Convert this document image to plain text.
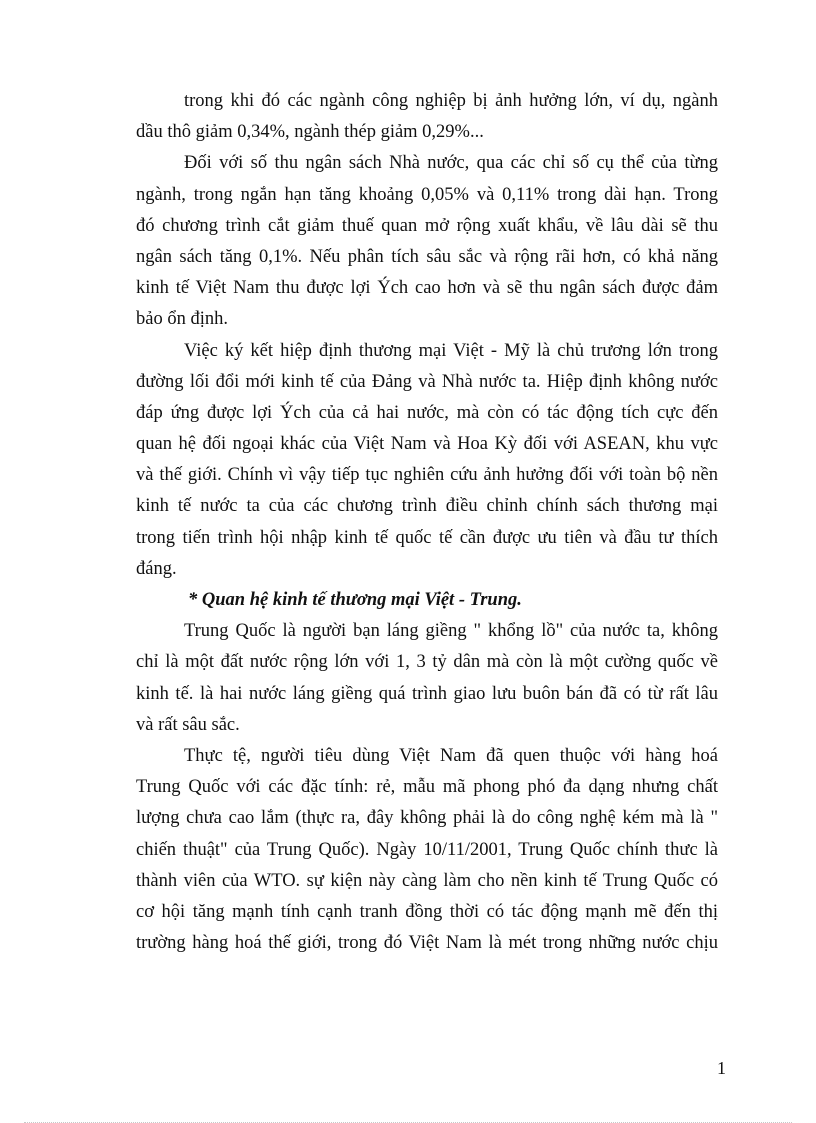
trong khi đó các ngành công nghiệp bị ảnh hưởng lớn, ví dụ, ngành
dầu thô giảm 0,34%, ngành thép giảm 0,29%...
Đối với số thu ngân sách Nhà nước, qua các chỉ số cụ thể của từng
ngành, trong ngắn hạn tăng khoảng 0,05% và 0,11% trong dài hạn. Trong
đó chương trình cắt giảm thuế quan mở rộng xuất khẩu, về lâu dài sẽ thu
ngân sách tăng 0,1%. Nếu phân tích sâu sắc và rộng rãi hơn, có khả năng
kinh tế Việt Nam thu được lợi Ých cao hơn và sẽ thu ngân sách được đảm
bảo ổn định.
Việc ký kết hiệp định thương mại Việt - Mỹ là chủ trương lớn trong
đường lối đổi mới kinh tế của Đảng và Nhà nước ta. Hiệp định không nước
đáp ứng được lợi Ých của cả hai nước, mà còn có tác động tích cực đến
quan hệ đối ngoại khác của Việt Nam và Hoa Kỳ đối với ASEAN, khu vực
và thế giới. Chính vì vậy tiếp tục nghiên cứu ảnh hưởng đối với toàn bộ nền
kinh tế nước ta của các chương trình điều chỉnh chính sách thương mại
trong tiến trình hội nhập kinh tế quốc tế cần được ưu tiên và đầu tư thích
đáng.
* Quan hệ kinh tế thương mại Việt - Trung.
Trung Quốc là người bạn láng giềng " khổng lồ" của nước ta, không
chỉ là một đất nước rộng lớn với 1, 3 tỷ dân mà còn là một cường quốc về
kinh tế. là hai nước láng giềng quá trình giao lưu buôn bán đã có từ rất lâu
và rất sâu sắc.
Thực tệ, người tiêu dùng Việt Nam đã quen thuộc với hàng hoá
Trung Quốc với các đặc tính: rẻ, mẫu mã phong phó đa dạng nhưng chất
lượng chưa cao lắm (thực ra, đây không phải là do công nghệ kém mà là "
chiến thuật" của Trung Quốc). Ngày 10/11/2001, Trung Quốc chính thưc là
thành viên của WTO. sự kiện này càng làm cho nền kinh tế Trung Quốc có
cơ hội tăng mạnh tính cạnh tranh đồng thời có tác động mạnh mẽ đến thị
trường hàng hoá thế giới, trong đó Việt Nam là mét trong những nước chịu
1
